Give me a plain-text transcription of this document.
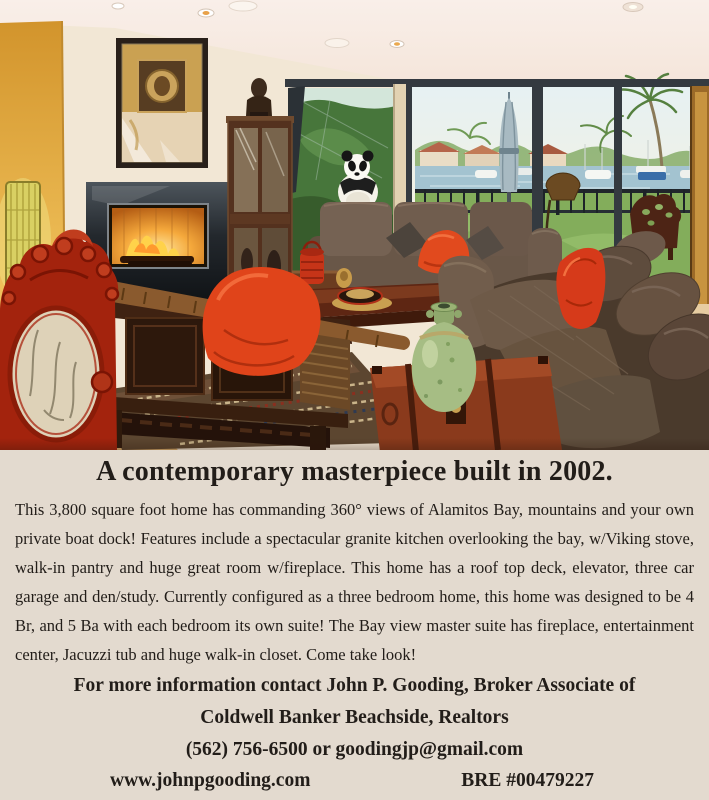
A contemporary masterpiece built in 2002.
This 3,800 square foot home has commanding 360° views of Alamitos Bay, mountains and your own
private boat dock! Features include a spectacular granite kitchen overlooking the bay, w/Viking stove,
walk-in pantry and huge great room w/fireplace. This home has a roof top deck, elevator, three car
garage and den/study. Currently configured as a three bedroom home, this home was designed to be 4
Br, and 5 Ba with each bedroom its own suite! The Bay view master suite has fireplace, entertainment
center, Jacuzzi tub and huge walk-in closet. Come take look!
For more information contact John P. Gooding, Broker Associate of
Coldwell Banker Beachside, Realtors
(562) 756-6500 or goodingjp@gmail.com
www.johnpgooding.com	BRE #00479227
